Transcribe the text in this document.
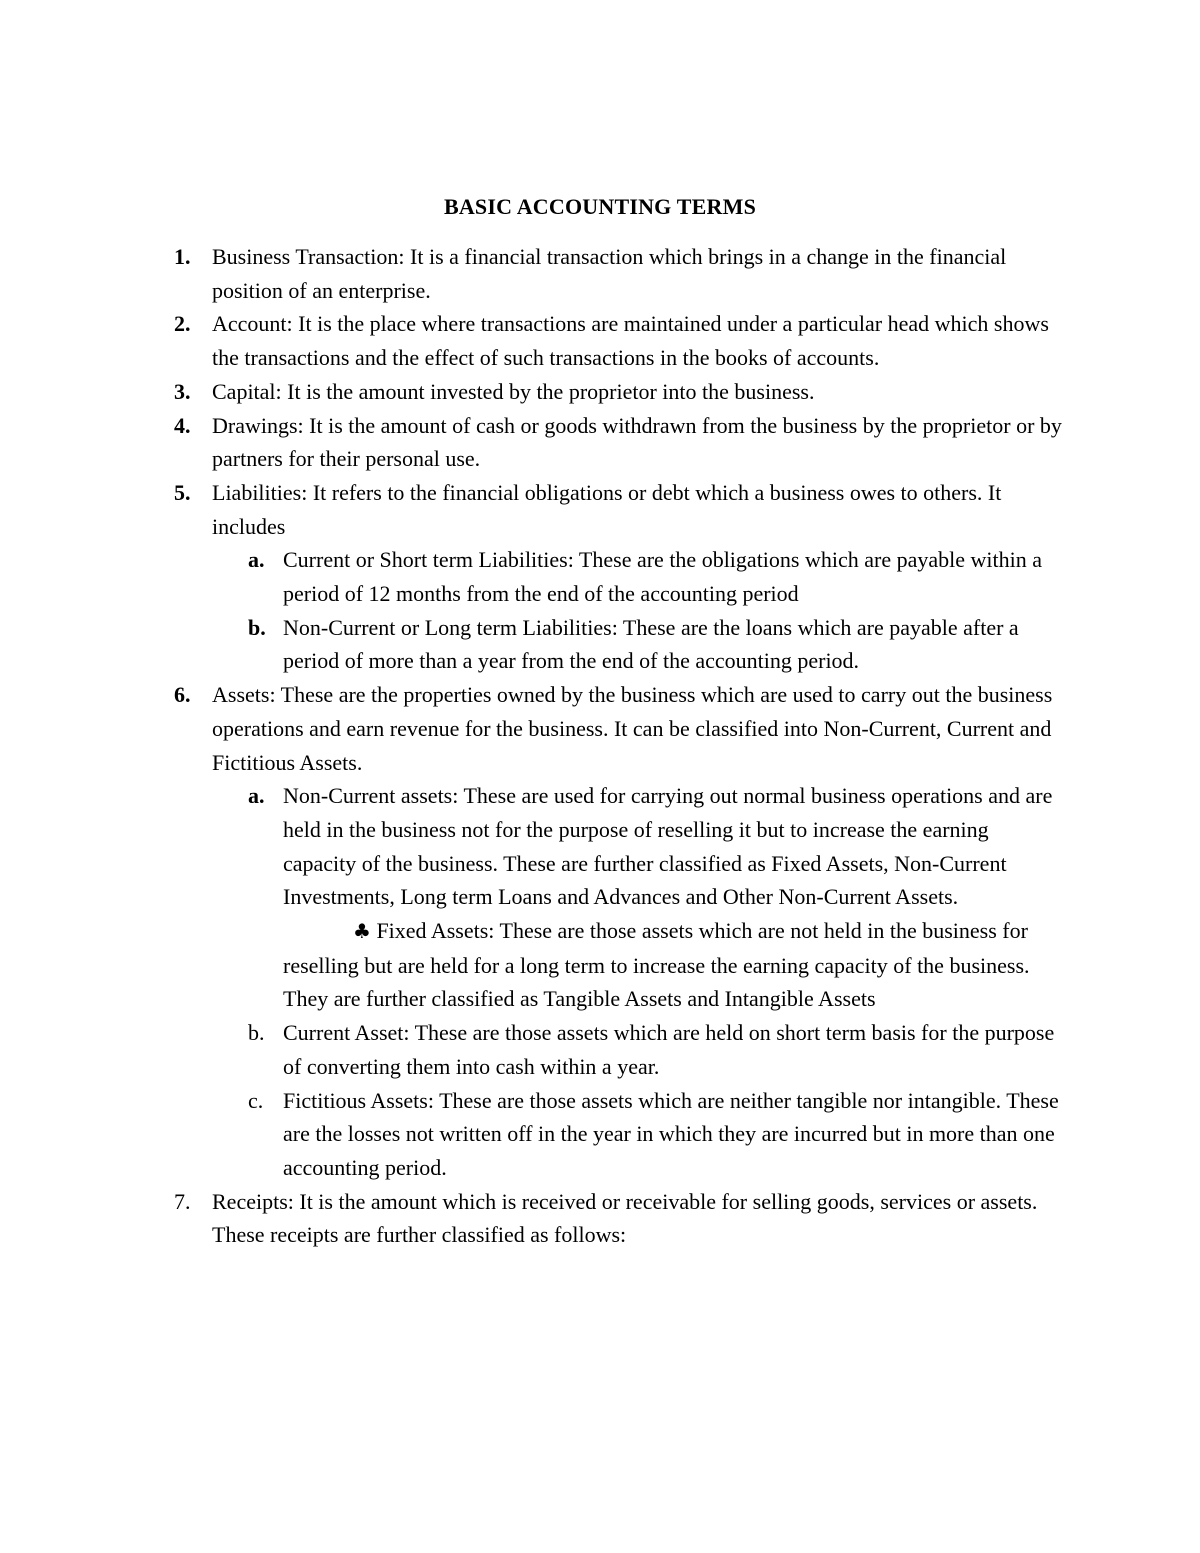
BASIC ACCOUNTING TERMS
1. Business Transaction: It is a financial transaction which brings in a change in the financial position of an enterprise.
2. Account: It is the place where transactions are maintained under a particular head which shows the transactions and the effect of such transactions in the books of accounts.
3. Capital: It is the amount invested by the proprietor into the business.
4. Drawings: It is the amount of cash or goods withdrawn from the business by the proprietor or by partners for their personal use.
5. Liabilities: It refers to the financial obligations or debt which a business owes to others. It includes
a. Current or Short term Liabilities: These are the obligations which are payable within a period of 12 months from the end of the accounting period
b. Non-Current or Long term Liabilities: These are the loans which are payable after a period of more than a year from the end of the accounting period.
6. Assets: These are the properties owned by the business which are used to carry out the business operations and earn revenue for the business. It can be classified into Non-Current, Current and Fictitious Assets.
a. Non-Current assets: These are used for carrying out normal business operations and are held in the business not for the purpose of reselling it but to increase the earning capacity of the business. These are further classified as Fixed Assets, Non-Current Investments, Long term Loans and Advances and Other Non-Current Assets.
♣ Fixed Assets: These are those assets which are not held in the business for reselling but are held for a long term to increase the earning capacity of the business. They are further classified as Tangible Assets and Intangible Assets
b. Current Asset: These are those assets which are held on short term basis for the purpose of converting them into cash within a year.
c. Fictitious Assets: These are those assets which are neither tangible nor intangible. These are the losses not written off in the year in which they are incurred but in more than one accounting period.
7. Receipts: It is the amount which is received or receivable for selling goods, services or assets. These receipts are further classified as follows:
